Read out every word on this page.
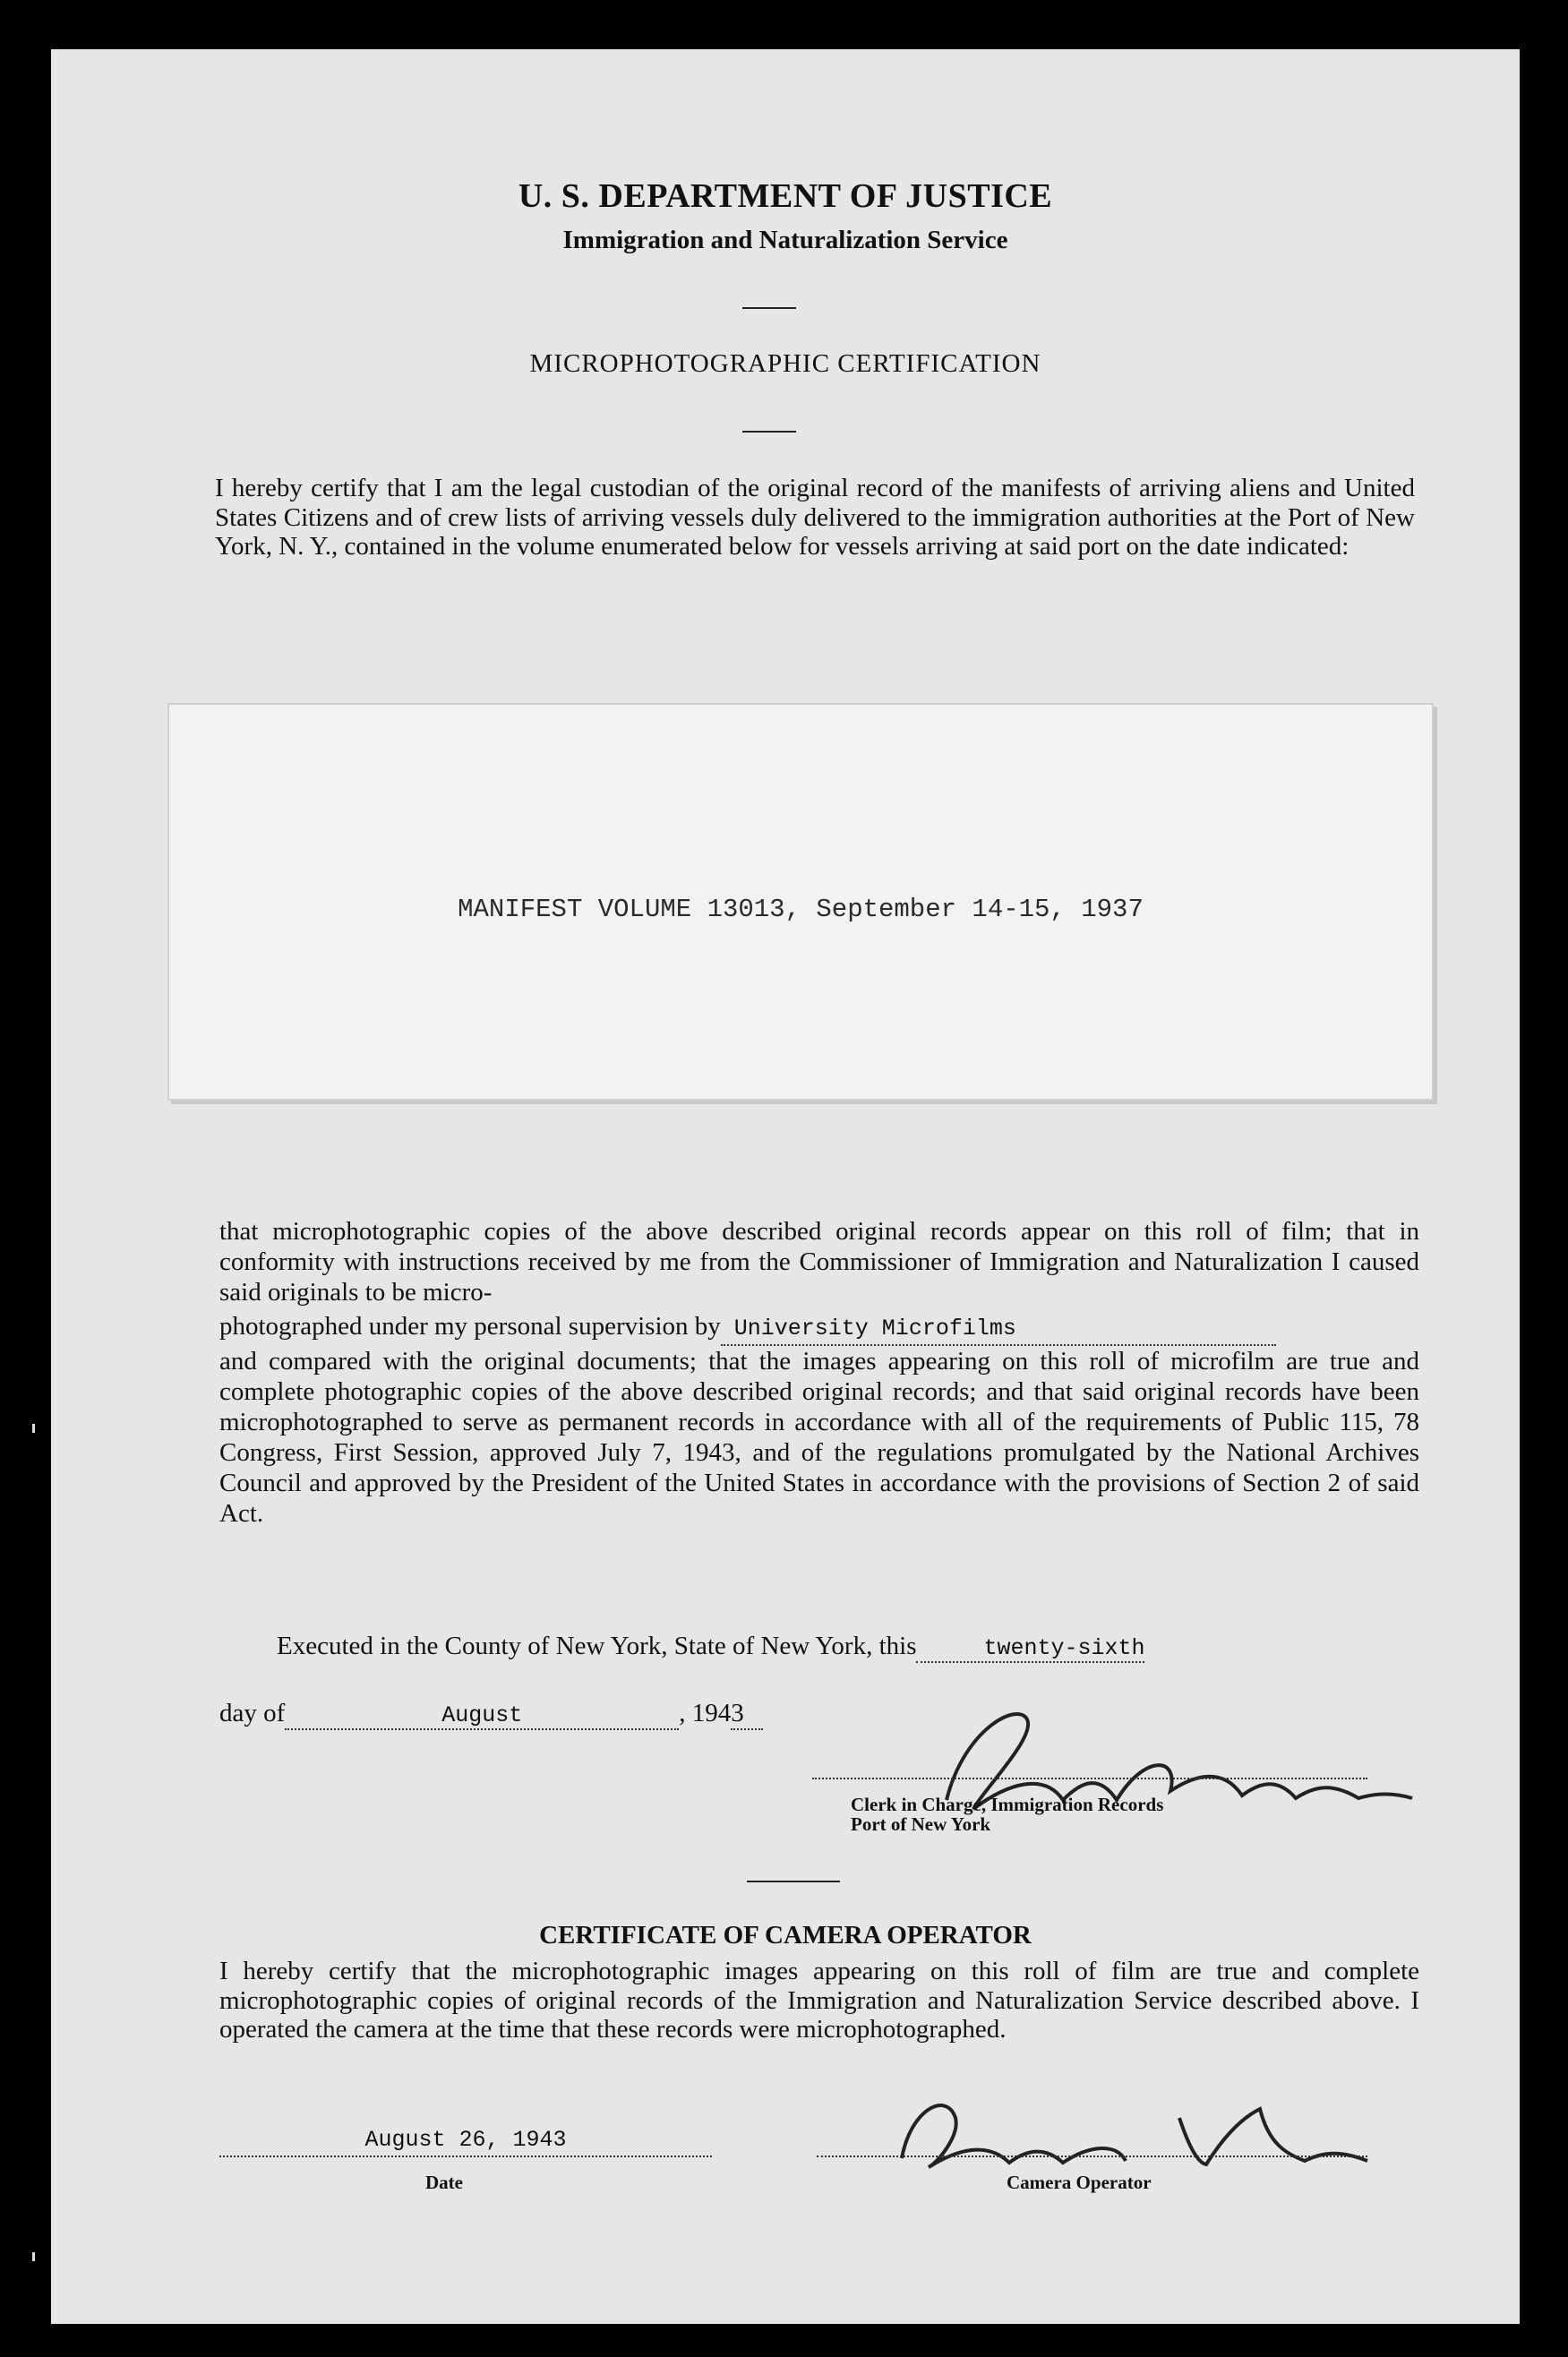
U. S. DEPARTMENT OF JUSTICE
Immigration and Naturalization Service
MICROPHOTOGRAPHIC CERTIFICATION
I hereby certify that I am the legal custodian of the original record of the manifests of arriving aliens and United States Citizens and of crew lists of arriving vessels duly delivered to the immigration authorities at the Port of New York, N. Y., contained in the volume enumerated below for vessels arriving at said port on the date indicated:
MANIFEST VOLUME 13013, September 14-15, 1937
that microphotographic copies of the above described original records appear on this roll of film; that in conformity with instructions received by me from the Commissioner of Immigration and Naturalization I caused said originals to be micro-
photographed under my personal supervision by University Microfilms
and compared with the original documents; that the images appearing on this roll of microfilm are true and complete photographic copies of the above described original records; and that said original records have been microphotographed to serve as permanent records in accordance with all of the requirements of Public 115, 78 Congress, First Session, approved July 7, 1943, and of the regulations promulgated by the National Archives Council and approved by the President of the United States in accordance with the provisions of Section 2 of said Act.
Executed in the County of New York, State of New York, this	twenty-sixth
day of	August	, 1943
Clerk in Charge, Immigration Records
Port of New York
CERTIFICATE OF CAMERA OPERATOR
I hereby certify that the microphotographic images appearing on this roll of film are true and complete microphotographic copies of original records of the Immigration and Naturalization Service described above. I operated the camera at the time that these records were microphotographed.
August 26, 1943
Date	Camera Operator
